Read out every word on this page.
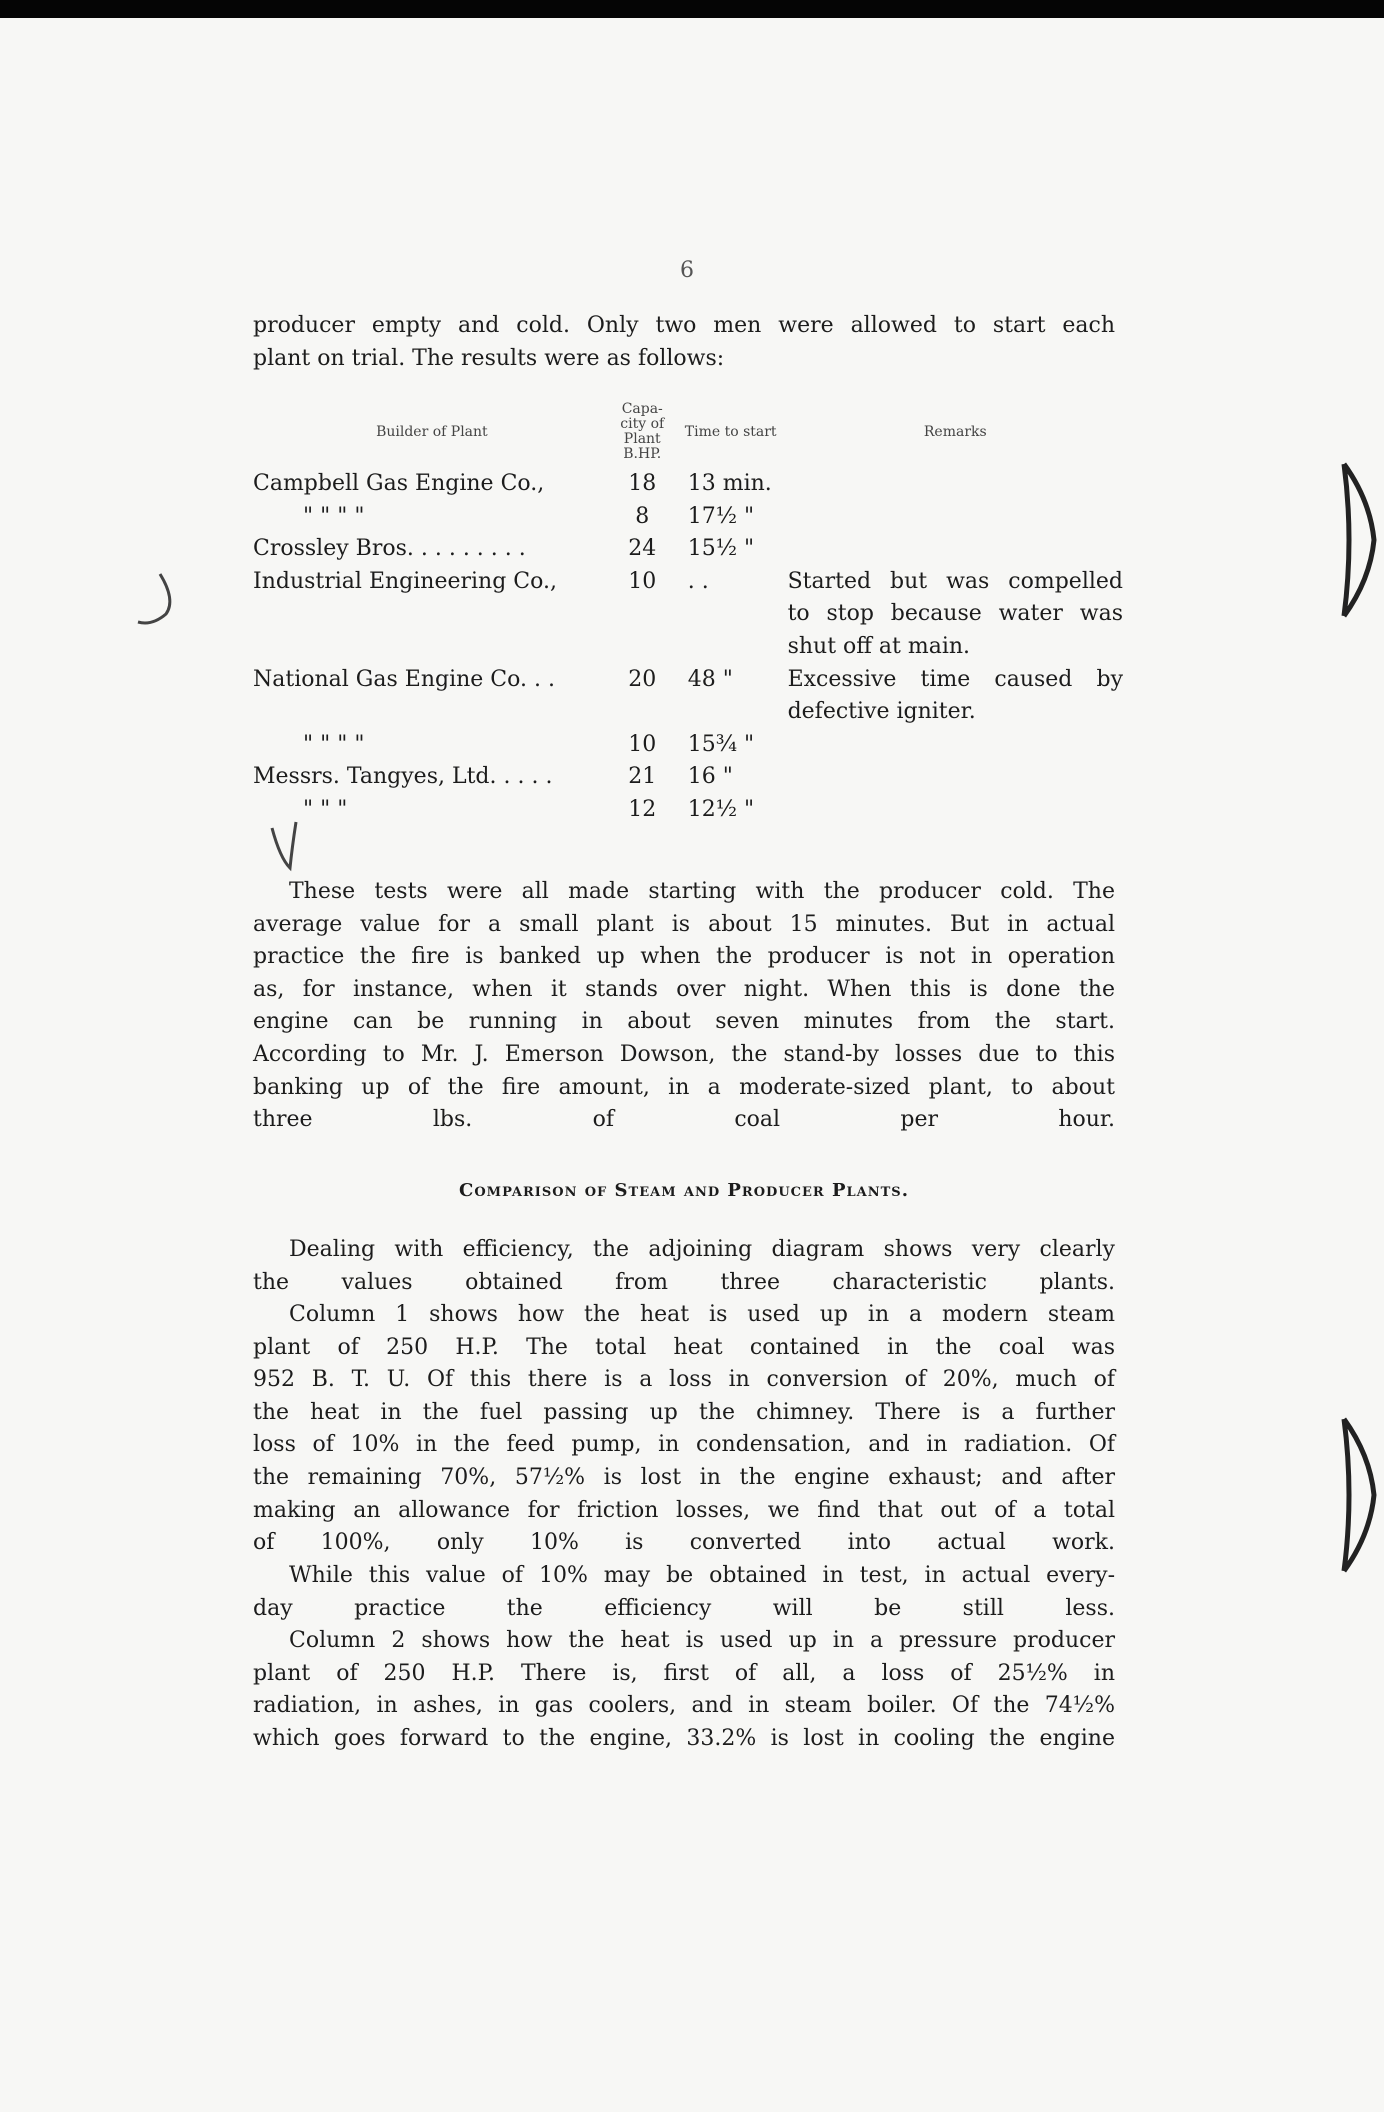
6

producer empty and cold. Only two men were allowed to start each
plant on trial. The results were as follows:

Builder of Plant	Capa-city of Plant B.HP.	Time to start	Remarks
Campbell Gas Engine Co.,	18	13 min.	
" " " "	8	17½ "	
Crossley Bros. . . . . . . . .	24	15½ "	
Industrial Engineering Co.,	10	. .	Started but was compelled
to stop because water was
shut off at main.

National Gas Engine Co. . .	20	48 "	Excessive time caused by
defective igniter.

" " " "	10	15¾ "	
Messrs. Tangyes, Ltd. . . . .	21	16 "	
" " "	12	12½ "	

These tests were all made starting with the producer cold. The
average value for a small plant is about 15 minutes. But in actual
practice the fire is banked up when the producer is not in operation
as, for instance, when it stands over night. When this is done the
engine can be running in about seven minutes from the start.
According to Mr. J. Emerson Dowson, the stand-by losses due to this
banking up of the fire amount, in a moderate-sized plant, to about
three lbs. of coal per hour.

Comparison of Steam and Producer Plants.

Dealing with efficiency, the adjoining diagram shows very clearly
the values obtained from three characteristic plants.

Column 1 shows how the heat is used up in a modern steam
plant of 250 H.P. The total heat contained in the coal was
952 B. T. U. Of this there is a loss in conversion of 20%, much of
the heat in the fuel passing up the chimney. There is a further
loss of 10% in the feed pump, in condensation, and in radiation. Of
the remaining 70%, 57½% is lost in the engine exhaust; and after
making an allowance for friction losses, we find that out of a total
of 100%, only 10% is converted into actual work.

While this value of 10% may be obtained in test, in actual every-
day practice the efficiency will be still less.

Column 2 shows how the heat is used up in a pressure producer
plant of 250 H.P. There is, first of all, a loss of 25½% in
radiation, in ashes, in gas coolers, and in steam boiler. Of the 74½%
which goes forward to the engine, 33.2% is lost in cooling the engine
